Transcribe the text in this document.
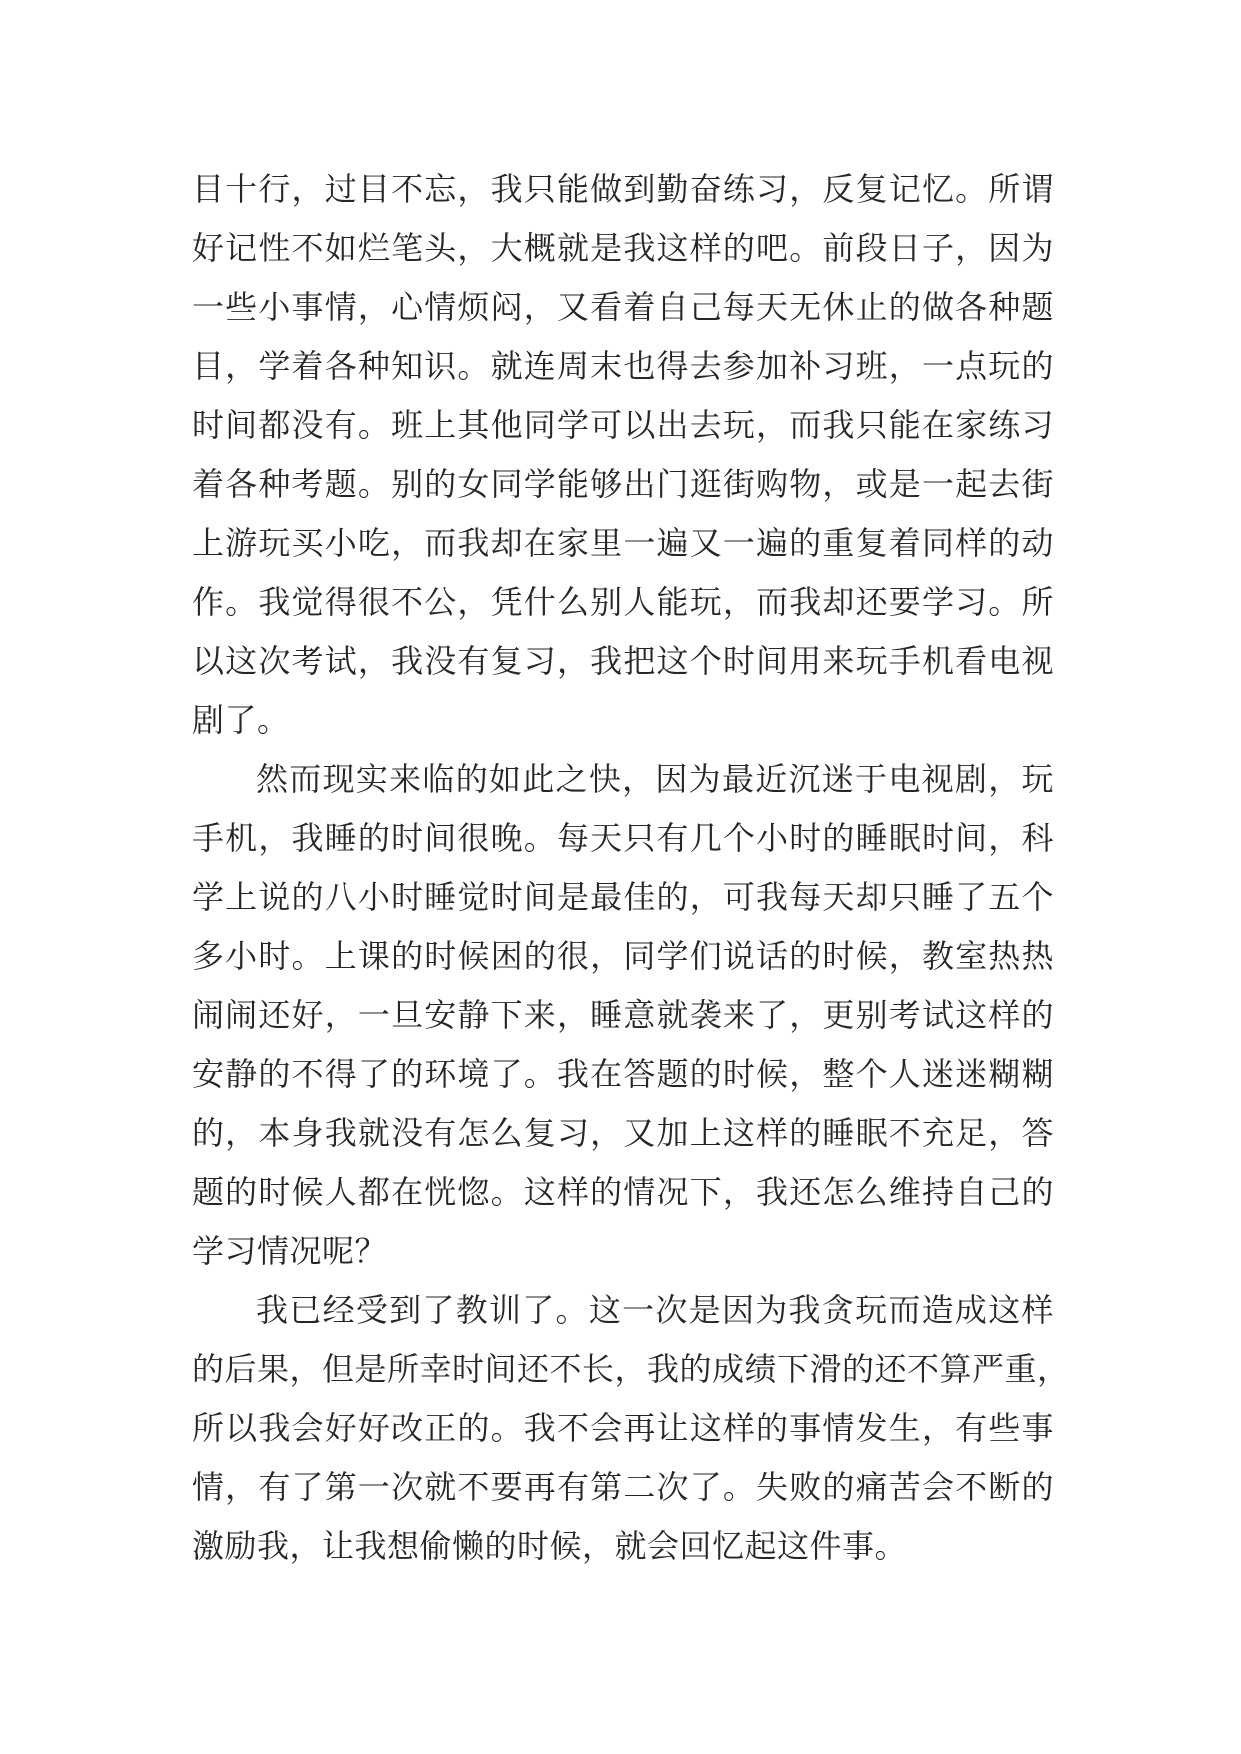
目十行，过目不忘，我只能做到勤奋练习，反复记忆。所谓
好记性不如烂笔头，大概就是我这样的吧。前段日子，因为
一些小事情，心情烦闷，又看着自己每天无休止的做各种题
目，学着各种知识。就连周末也得去参加补习班，一点玩的
时间都没有。班上其他同学可以出去玩，而我只能在家练习
着各种考题。别的女同学能够出门逛街购物，或是一起去街
上游玩买小吃，而我却在家里一遍又一遍的重复着同样的动
作。我觉得很不公，凭什么别人能玩，而我却还要学习。所
以这次考试，我没有复习，我把这个时间用来玩手机看电视
剧了。
然而现实来临的如此之快，因为最近沉迷于电视剧，玩
手机，我睡的时间很晚。每天只有几个小时的睡眠时间，科
学上说的八小时睡觉时间是最佳的，可我每天却只睡了五个
多小时。上课的时候困的很，同学们说话的时候，教室热热
闹闹还好，一旦安静下来，睡意就袭来了，更别考试这样的
安静的不得了的环境了。我在答题的时候，整个人迷迷糊糊
的，本身我就没有怎么复习，又加上这样的睡眠不充足，答
题的时候人都在恍惚。这样的情况下，我还怎么维持自己的
学习情况呢？
我已经受到了教训了。这一次是因为我贪玩而造成这样
的后果，但是所幸时间还不长，我的成绩下滑的还不算严重，
所以我会好好改正的。我不会再让这样的事情发生，有些事
情，有了第一次就不要再有第二次了。失败的痛苦会不断的
激励我，让我想偷懒的时候，就会回忆起这件事。
